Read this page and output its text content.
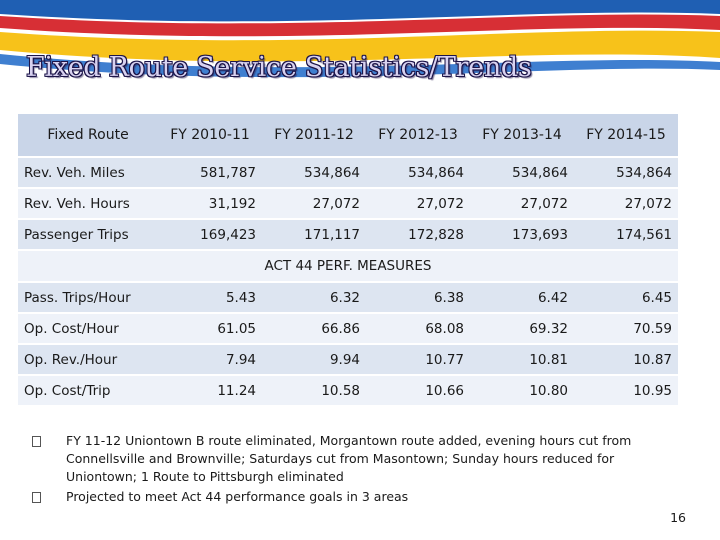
Fixed Route Service Statistics/Trends
Fixed Route	FY 2010-11	FY 2011-12	FY 2012-13	FY 2013-14	FY 2014-15
Rev. Veh. Miles	581,787	534,864	534,864	534,864	534,864
Rev. Veh. Hours	31,192	27,072	27,072	27,072	27,072
Passenger Trips	169,423	171,117	172,828	173,693	174,561
ACT 44 PERF. MEASURES					
Pass. Trips/Hour	5.43	6.32	6.38	6.42	6.45
Op. Cost/Hour	61.05	66.86	68.08	69.32	70.59
Op. Rev./Hour	7.94	9.94	10.77	10.81	10.87
Op. Cost/Trip	11.24	10.58	10.66	10.80	10.95
FY 11-12 Uniontown B route eliminated, Morgantown route added, evening hours cut from Connellsville and Brownville; Saturdays cut from Masontown; Sunday hours reduced for Uniontown; 1 Route to Pittsburgh eliminated
Projected to meet Act 44 performance goals in 3 areas
16
